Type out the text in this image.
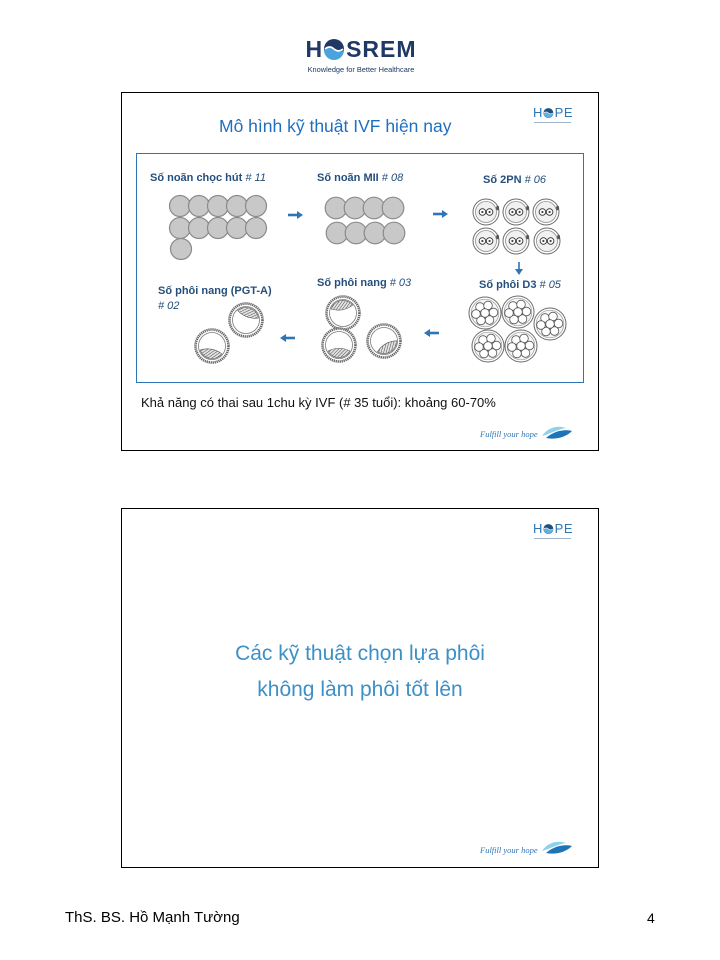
H SREM
Knowledge for Better Healthcare
H PE
Mô hình kỹ thuật IVF hiện nay
Số noãn chọc hút # 11	Số noãn MII # 08	Số 2PN # 06
Số phôi D3 # 05
Số phôi nang # 03
Số phôi nang (PGT-A)
# 02
Khả năng có thai sau 1chu kỳ IVF (# 35 tuổi): khoảng 60-70%
Fulfill your hope
H PE
Các kỹ thuật chọn lựa phôi
không làm phôi tốt lên
Fulfill your hope
ThS. BS. Hồ Mạnh Tường	4
